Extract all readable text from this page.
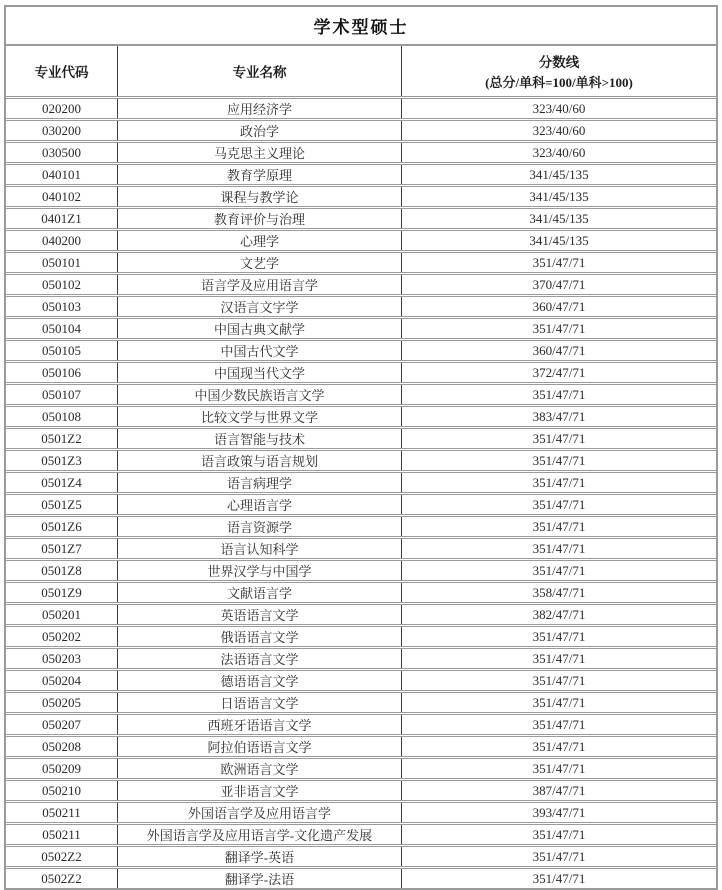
学术型硕士		
专业代码	专业名称	分数线
(总分/单科=100/单科>100)

020200	应用经济学	323/40/60
030200	政治学	323/40/60
030500	马克思主义理论	323/40/60
040101	教育学原理	341/45/135
040102	课程与教学论	341/45/135
0401Z1	教育评价与治理	341/45/135
040200	心理学	341/45/135
050101	文艺学	351/47/71
050102	语言学及应用语言学	370/47/71
050103	汉语言文字学	360/47/71
050104	中国古典文献学	351/47/71
050105	中国古代文学	360/47/71
050106	中国现当代文学	372/47/71
050107	中国少数民族语言文学	351/47/71
050108	比较文学与世界文学	383/47/71
0501Z2	语言智能与技术	351/47/71
0501Z3	语言政策与语言规划	351/47/71
0501Z4	语言病理学	351/47/71
0501Z5	心理语言学	351/47/71
0501Z6	语言资源学	351/47/71
0501Z7	语言认知科学	351/47/71
0501Z8	世界汉学与中国学	351/47/71
0501Z9	文献语言学	358/47/71
050201	英语语言文学	382/47/71
050202	俄语语言文学	351/47/71
050203	法语语言文学	351/47/71
050204	德语语言文学	351/47/71
050205	日语语言文学	351/47/71
050207	西班牙语语言文学	351/47/71
050208	阿拉伯语语言文学	351/47/71
050209	欧洲语言文学	351/47/71
050210	亚非语言文学	387/47/71
050211	外国语言学及应用语言学	393/47/71
050211	外国语言学及应用语言学-文化遗产发展	351/47/71
0502Z2	翻译学-英语	351/47/71
0502Z2	翻译学-法语	351/47/71
